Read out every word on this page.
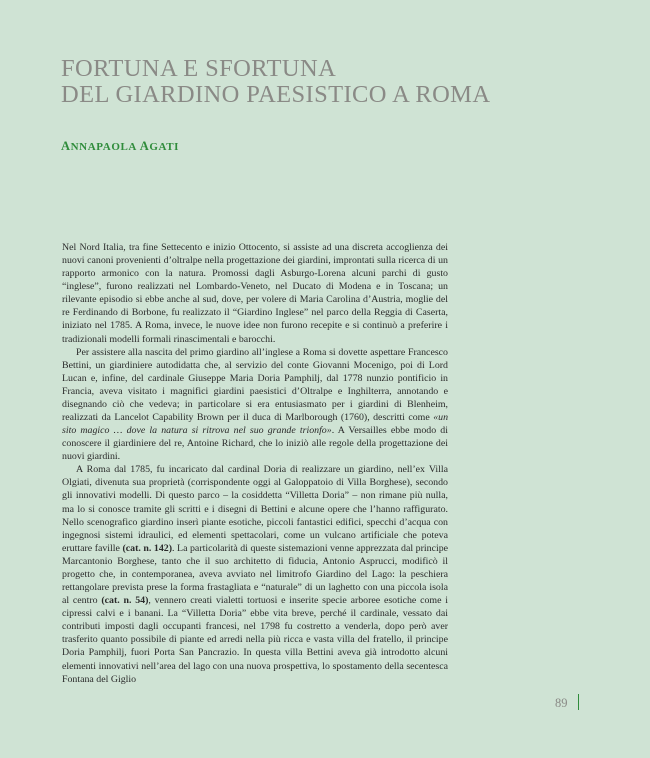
FORTUNA E SFORTUNA
DEL GIARDINO PAESISTICO A ROMA
ANNAPAOLA AGATI

Nel Nord Italia, tra fine Settecento e inizio Ottocento, si assiste ad una discreta accoglienza dei nuovi canoni provenienti d’oltralpe nella progettazione dei giardini, improntati sulla ricerca di un rapporto armonico con la natura. Promossi dagli Asburgo-Lorena alcuni parchi di gusto “inglese”, furono realizzati nel Lombardo-Veneto, nel Ducato di Modena e in Toscana; un rilevante episodio si ebbe anche al sud, dove, per volere di Maria Carolina d’Austria, moglie del re Ferdinando di Borbone, fu realizzato il “Giardino Inglese” nel parco della Reggia di Caserta, iniziato nel 1785. A Roma, invece, le nuove idee non furono recepite e si continuò a preferire i tradizionali modelli formali rinascimentali e barocchi.

Per assistere alla nascita del primo giardino all’inglese a Roma si dovette aspettare Francesco Bettini, un giardiniere autodidatta che, al servizio del conte Giovanni Mocenigo, poi di Lord Lucan e, infine, del cardinale Giuseppe Maria Doria Pamphilj, dal 1778 nunzio pontificio in Francia, aveva visitato i magnifici giardini paesistici d’Oltralpe e Inghilterra, annotando e disegnando ciò che vedeva; in particolare si era entusiasmato per i giardini di Blenheim, realizzati da Lancelot Capability Brown per il duca di Marlborough (1760), descritti come «un sito magico … dove la natura si ritrova nel suo grande trionfo». A Versailles ebbe modo di conoscere il giardiniere del re, Antoine Richard, che lo iniziò alle regole della progettazione dei nuovi giardini.

A Roma dal 1785, fu incaricato dal cardinal Doria di realizzare un giardino, nell’ex Villa Olgiati, divenuta sua proprietà (corrispondente oggi al Galoppatoio di Villa Borghese), secondo gli innovativi modelli. Di questo parco – la cosiddetta “Villetta Doria” – non rimane più nulla, ma lo si conosce tramite gli scritti e i disegni di Bettini e alcune opere che l’hanno raffigurato. Nello scenografico giardino inserì piante esotiche, piccoli fantastici edifici, specchi d’acqua con ingegnosi sistemi idraulici, ed elementi spettacolari, come un vulcano artificiale che poteva eruttare faville (cat. n. 142). La particolarità di queste sistemazioni venne apprezzata dal principe Marcantonio Borghese, tanto che il suo architetto di fiducia, Antonio Asprucci, modificò il progetto che, in contemporanea, aveva avviato nel limitrofo Giardino del Lago: la peschiera rettangolare prevista prese la forma frastagliata e “naturale” di un laghetto con una piccola isola al centro (cat. n. 54), vennero creati vialetti tortuosi e inserite specie arboree esotiche come i cipressi calvi e i banani. La “Villetta Doria” ebbe vita breve, perché il cardinale, vessato dai contributi imposti dagli occupanti francesi, nel 1798 fu costretto a venderla, dopo però aver trasferito quanto possibile di piante ed arredi nella più ricca e vasta villa del fratello, il principe Doria Pamphilj, fuori Porta San Pancrazio. In questa villa Bettini aveva già introdotto alcuni elementi innovativi nell’area del lago con una nuova prospettiva, lo spostamento della secentesca Fontana del Giglio

89
